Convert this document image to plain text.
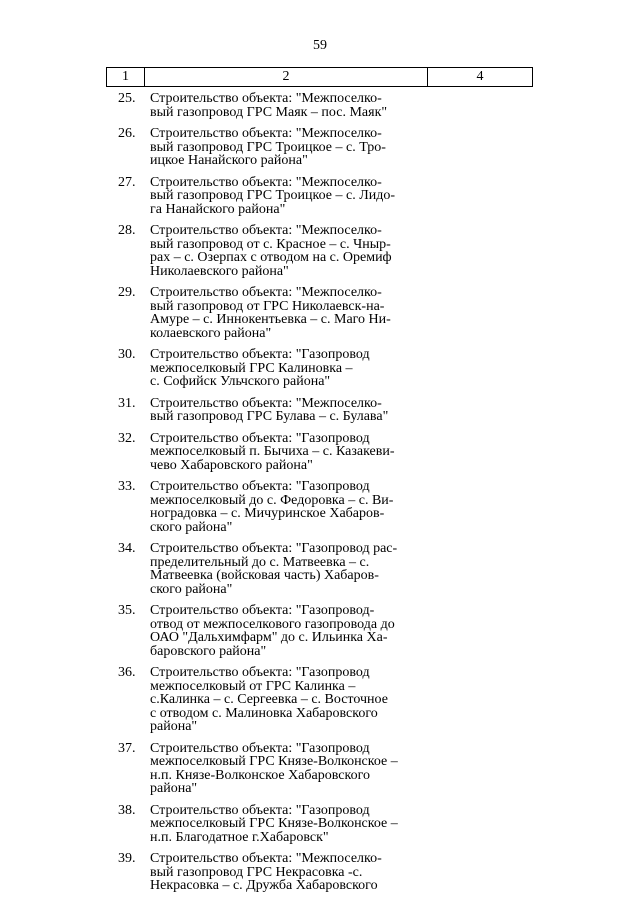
59
1	2	4
25.	Строительство объекта: "Межпоселко-
вый газопровод ГРС Маяк – пос. Маяк"
26.	Строительство объекта: "Межпоселко-
вый газопровод ГРС Троицкое – с. Тро-
ицкое Нанайского района"
27.	Строительство объекта: "Межпоселко-
вый газопровод ГРС Троицкое – с. Лидо-
га Нанайского района"
28.	Строительство объекта: "Межпоселко-
вый газопровод от с. Красное – с. Чныр-
рах – с. Озерпах с отводом на с. Оремиф
Николаевского района"
29.	Строительство объекта: "Межпоселко-
вый газопровод от ГРС Николаевск-на-
Амуре – с. Иннокентьевка – с. Маго Ни-
колаевского района"
30.	Строительство объекта: "Газопровод
межпоселковый ГРС Калиновка –
с. Софийск Ульчского района"
31.	Строительство объекта: "Межпоселко-
вый газопровод ГРС Булава – с. Булава"
32.	Строительство объекта: "Газопровод
межпоселковый п. Бычиха – с. Казакеви-
чево Хабаровского района"
33.	Строительство объекта: "Газопровод
межпоселковый до с. Федоровка – с. Ви-
ноградовка – с. Мичуринское Хабаров-
ского района"
34.	Строительство объекта: "Газопровод рас-
пределительный до с. Матвеевка – с.
Матвеевка (войсковая часть) Хабаров-
ского района"
35.	Строительство объекта: "Газопровод-
отвод от межпоселкового газопровода до
ОАО "Дальхимфарм" до с. Ильинка Ха-
баровского района"
36.	Строительство объекта: "Газопровод
межпоселковый от ГРС Калинка –
с.Калинка – с. Сергеевка – с. Восточное
с отводом с. Малиновка Хабаровского
района"
37.	Строительство объекта: "Газопровод
межпоселковый ГРС Князе-Волконское –
н.п. Князе-Волконское Хабаровского
района"
38.	Строительство объекта: "Газопровод
межпоселковый ГРС Князе-Волконское –
н.п. Благодатное г.Хабаровск"
39.	Строительство объекта: "Межпоселко-
вый газопровод ГРС Некрасовка -с.
Некрасовка – с. Дружба Хабаровского
